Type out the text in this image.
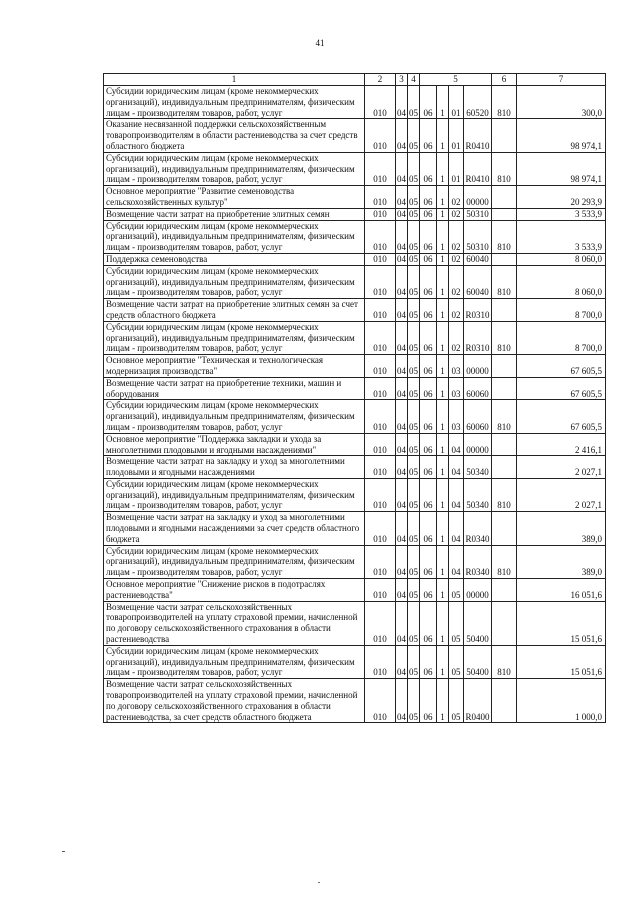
41
1	2	3	4	5				6	7
Субсидии юридическим лицам (кроме некоммерческих организаций), индивидуальным предпринимателям, физическим лицам - производителям товаров, работ, услуг	010	04	05	06	1	01	60520	810	300,0
Оказание несвязанной поддержки сельскохозяйственным товаропроизводителям в области растениеводства за счет средств областного бюджета	010	04	05	06	1	01	R0410		98 974,1
Субсидии юридическим лицам (кроме некоммерческих организаций), индивидуальным предпринимателям, физическим лицам - производителям товаров, работ, услуг	010	04	05	06	1	01	R0410	810	98 974,1
Основное мероприятие "Развитие семеноводства сельскохозяйственных культур"	010	04	05	06	1	02	00000		20 293,9
Возмещение части затрат на приобретение элитных семян	010	04	05	06	1	02	50310		3 533,9
Субсидии юридическим лицам (кроме некоммерческих организаций), индивидуальным предпринимателям, физическим лицам - производителям товаров, работ, услуг	010	04	05	06	1	02	50310	810	3 533,9
Поддержка семеноводства	010	04	05	06	1	02	60040		8 060,0
Субсидии юридическим лицам (кроме некоммерческих организаций), индивидуальным предпринимателям, физическим лицам - производителям товаров, работ, услуг	010	04	05	06	1	02	60040	810	8 060,0
Возмещение части затрат на приобретение элитных семян за счет средств областного бюджета	010	04	05	06	1	02	R0310		8 700,0
Субсидии юридическим лицам (кроме некоммерческих организаций), индивидуальным предпринимателям, физическим лицам - производителям товаров, работ, услуг	010	04	05	06	1	02	R0310	810	8 700,0
Основное мероприятие "Техническая и технологическая модернизация производства"	010	04	05	06	1	03	00000		67 605,5
Возмещение части затрат на приобретение техники, машин и оборудования	010	04	05	06	1	03	60060		67 605,5
Субсидии юридическим лицам (кроме некоммерческих организаций), индивидуальным предпринимателям, физическим лицам - производителям товаров, работ, услуг	010	04	05	06	1	03	60060	810	67 605,5
Основное мероприятие "Поддержка закладки и ухода за многолетними плодовыми и ягодными насаждениями"	010	04	05	06	1	04	00000		2 416,1
Возмещение части затрат на закладку и уход за многолетними плодовыми и ягодными насаждениями	010	04	05	06	1	04	50340		2 027,1
Субсидии юридическим лицам (кроме некоммерческих организаций), индивидуальным предпринимателям, физическим лицам - производителям товаров, работ, услуг	010	04	05	06	1	04	50340	810	2 027,1
Возмещение части затрат на закладку и уход за многолетними плодовыми и ягодными насаждениями за счет средств областного бюджета	010	04	05	06	1	04	R0340		389,0
Субсидии юридическим лицам (кроме некоммерческих организаций), индивидуальным предпринимателям, физическим лицам - производителям товаров, работ, услуг	010	04	05	06	1	04	R0340	810	389,0
Основное мероприятие "Снижение рисков в подотраслях растениеводства"	010	04	05	06	1	05	00000		16 051,6
Возмещение части затрат сельскохозяйственных товаропроизводителей на уплату страховой премии, начисленной по договору сельскохозяйственного страхования в области растениеводства	010	04	05	06	1	05	50400		15 051,6
Субсидии юридическим лицам (кроме некоммерческих организаций), индивидуальным предпринимателям, физическим лицам - производителям товаров, работ, услуг	010	04	05	06	1	05	50400	810	15 051,6
Возмещение части затрат сельскохозяйственных товаропроизводителей на уплату страховой премии, начисленной по договору сельскохозяйственного страхования в области растениеводства, за счет средств областного бюджета	010	04	05	06	1	05	R0400		1 000,0
